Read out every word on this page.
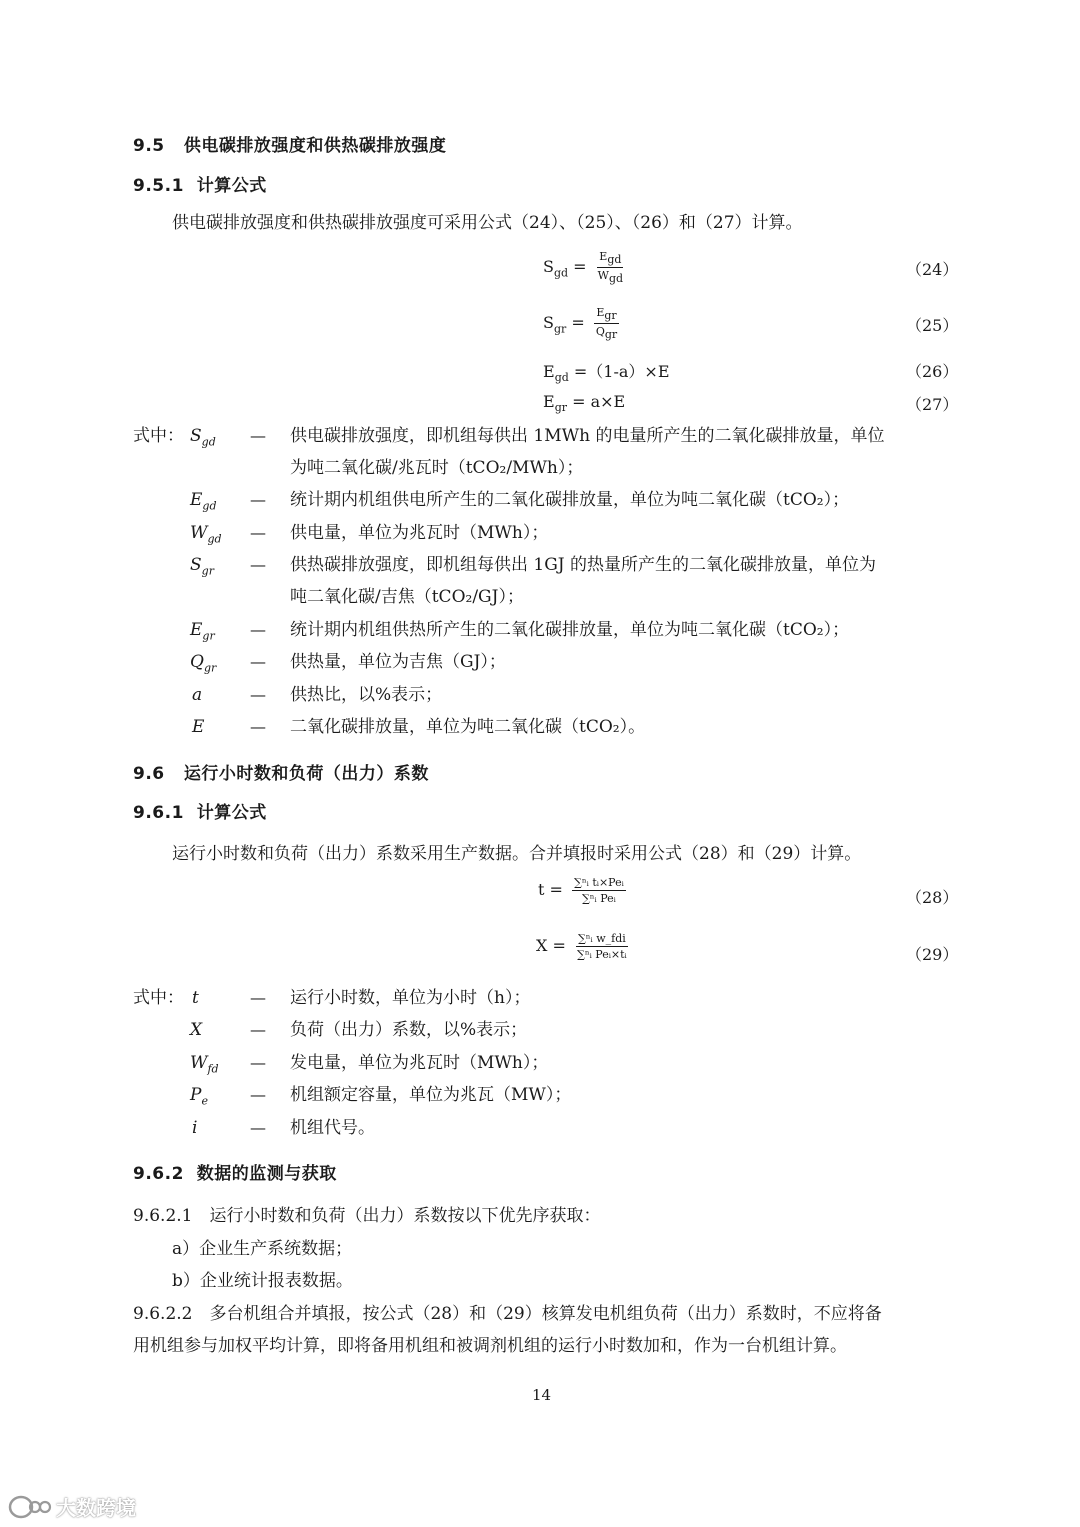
9.5 供电碳排放强度和供热碳排放强度
9.5.1 计算公式
供电碳排放强度和供热碳排放强度可采用公式（24）、（25）、（26）和（27）计算。
$S_{gd} = \frac{E_{gd}}{W_{gd}}$	（24）
$S_{gr} = \frac{E_{gr}}{Q_{gr}}$	（25）
$E_{gd} =(1-a)\times E$	（26）
$E_{gr} = a\times E$	（27）
式中： $S_{gd}$ — 供电碳排放强度，即机组每供出 1MWh 的电量所产生的二氧化碳排放量，单位
为吨二氧化碳/兆瓦时（tCO₂/MWh）；
$E_{gd}$ — 统计期内机组供电所产生的二氧化碳排放量，单位为吨二氧化碳（tCO₂）；
$W_{gd}$ — 供电量，单位为兆瓦时（MWh）；
$S_{gr}$ — 供热碳排放强度，即机组每供出 1GJ 的热量所产生的二氧化碳排放量，单位为
吨二氧化碳/吉焦（tCO₂/GJ）；
$E_{gr}$ — 统计期内机组供热所产生的二氧化碳排放量，单位为吨二氧化碳（tCO₂）；
$Q_{gr}$ — 供热量，单位为吉焦（GJ）；
a	— 供热比，以%表示；
E	— 二氧化碳排放量，单位为吨二氧化碳（tCO₂）。
9.6 运行小时数和负荷（出力）系数
9.6.1 计算公式
运行小时数和负荷（出力）系数采用生产数据。合并填报时采用公式（28）和（29）计算。
$t = \frac{\text{∑ⁿᵢ tᵢ×Peᵢ}}{\text{∑ⁿᵢ Peᵢ}}$	（28）
$X = \frac{\text{∑ⁿᵢ w\_fdi}}{\text{∑ⁿᵢ Peᵢ×tᵢ}}$	（29）
式中： t	— 运行小时数，单位为小时（h）；
X	— 负荷（出力）系数，以%表示；
$W_{fd}$ — 发电量，单位为兆瓦时（MWh）；
$P_e$	— 机组额定容量，单位为兆瓦（MW）；
i	— 机组代号。
9.6.2 数据的监测与获取
9.6.2.1　运行小时数和负荷（出力）系数按以下优先序获取：
a）企业生产系统数据；
b）企业统计报表数据。
9.6.2.2　多台机组合并填报，按公式（28）和（29）核算发电机组负荷（出力）系数时，不应将备
用机组参与加权平均计算，即将备用机组和被调剂机组的运行小时数加和，作为一台机组计算。
14
大数跨境
